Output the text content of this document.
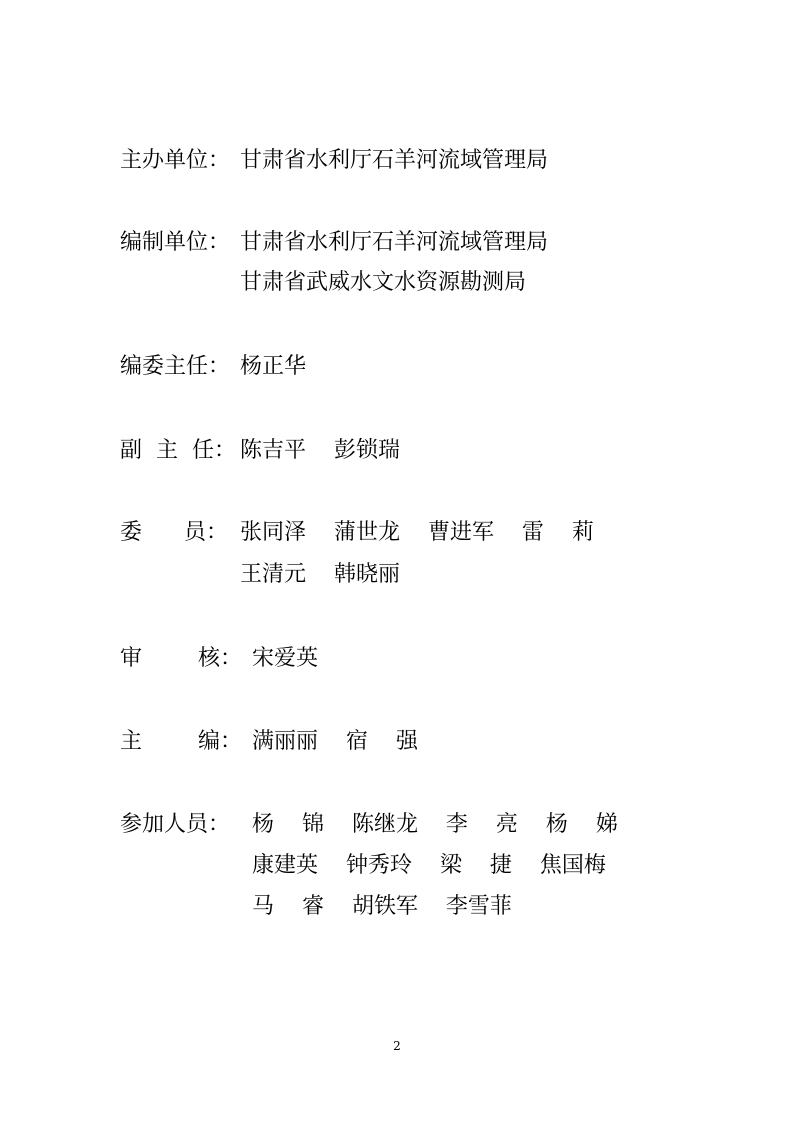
主办单位： 甘肃省水利厅石羊河流域管理局

编制单位： 甘肃省水利厅石羊河流域管理局

甘肃省武威水文水资源勘测局

编委主任： 杨正华

副  主  任： 陈吉平    彭锁瑞

委      员： 张同泽    蒲世龙    曹进军    雷    莉

王清元    韩晓丽

审        核： 宋爱英

主        编： 满丽丽    宿    强

参加人员： 杨    锦    陈继龙    李    亮    杨    娣

康建英    钟秀玲    梁    捷    焦国梅

马    睿    胡铁军    李雪菲

2
